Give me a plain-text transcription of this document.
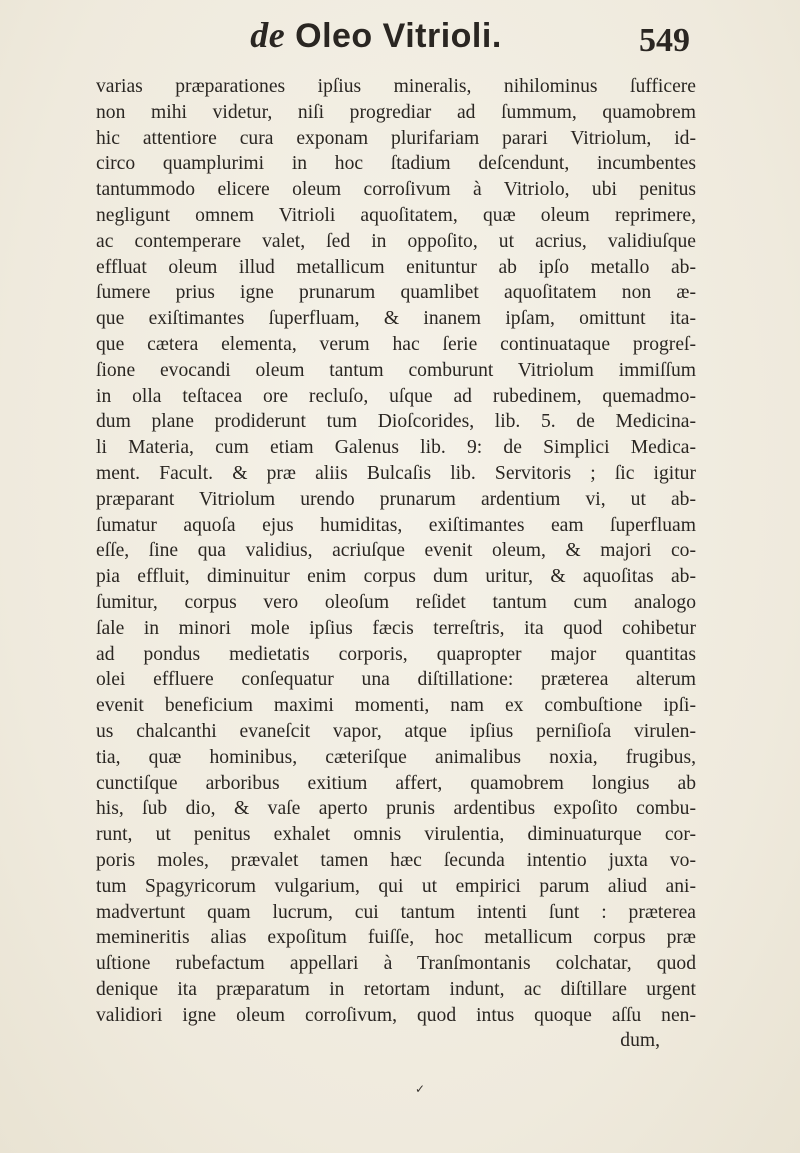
de Oleo Vitrioli.	549
varias præparationes ipſius mineralis, nihilominus ſufficere
non mihi videtur, niſi progrediar ad ſummum, quamobrem
hic attentiore cura exponam plurifariam parari Vitriolum, id-
circo quamplurimi in hoc ſtadium deſcendunt, incumbentes
tantummodo elicere oleum corroſivum à Vitriolo, ubi penitus
negligunt omnem Vitrioli aquoſitatem, quæ oleum reprimere,
ac contemperare valet, ſed in oppoſito, ut acrius, validiuſque
effluat oleum illud metallicum enituntur ab ipſo metallo ab-
ſumere prius igne prunarum quamlibet aquoſitatem non æ-
que exiſtimantes ſuperfluam, & inanem ipſam, omittunt ita-
que cætera elementa, verum hac ſerie continuataque progreſ-
ſione evocandi oleum tantum comburunt Vitriolum immiſſum
in olla teſtacea ore recluſo, uſque ad rubedinem, quemadmo-
dum plane prodiderunt tum Dioſcorides, lib. 5. de Medicina-
li Materia, cum etiam Galenus lib. 9: de Simplici Medica-
ment. Facult. & præ aliis Bulcaſis lib. Servitoris ; ſic igitur
præparant Vitriolum urendo prunarum ardentium vi, ut ab-
ſumatur aquoſa ejus humiditas, exiſtimantes eam ſuperfluam
eſſe, ſine qua validius, acriuſque evenit oleum, & majori co-
pia effluit, diminuitur enim corpus dum uritur, & aquoſitas ab-
ſumitur, corpus vero oleoſum reſidet tantum cum analogo
ſale in minori mole ipſius fæcis terreſtris, ita quod cohibetur
ad pondus medietatis corporis, quapropter major quantitas
olei effluere conſequatur una diſtillatione: præterea alterum
evenit beneficium maximi momenti, nam ex combuſtione ipſi-
us chalcanthi evaneſcit vapor, atque ipſius perniſioſa virulen-
tia, quæ hominibus, cæteriſque animalibus noxia, frugibus,
cunctiſque arboribus exitium affert, quamobrem longius ab
his, ſub dio, & vaſe aperto prunis ardentibus expoſito combu-
runt, ut penitus exhalet omnis virulentia, diminuaturque cor-
poris moles, prævalet tamen hæc ſecunda intentio juxta vo-
tum Spagyricorum vulgarium, qui ut empirici parum aliud ani-
madvertunt quam lucrum, cui tantum intenti ſunt : præterea
memineritis alias expoſitum fuiſſe, hoc metallicum corpus præ
uſtione rubefactum appellari à Tranſmontanis colchatar, quod
denique ita præparatum in retortam indunt, ac diſtillare urgent
validiori igne oleum corroſivum, quod intus quoque aſſu nen-
dum,
✓
